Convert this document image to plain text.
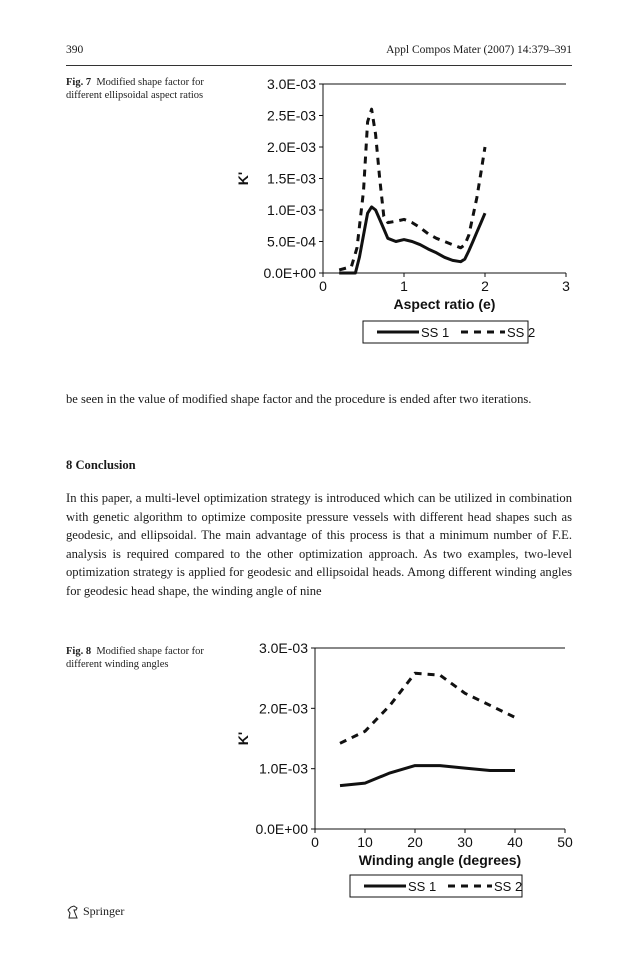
390	Appl Compos Mater (2007) 14:379–391
Fig. 7 Modified shape factor for different ellipsoidal aspect ratios
Fig. 8 Modified shape factor for different winding angles
0.0E+00
5.0E-04
1.0E-03
1.5E-03
2.0E-03
2.5E-03
3.0E-03
0	1	2	3
Aspect ratio (e)
K'
SS 1	SS 2
0.0E+00
1.0E-03
2.0E-03
3.0E-03
0	10 20 30 40 50
Winding angle (degrees)
K'
SS 1	SS 2
be seen in the value of modified shape factor and the procedure is ended after two iterations.
8 Conclusion
In this paper, a multi-level optimization strategy is introduced which can be utilized in combination with genetic algorithm to optimize composite pressure vessels with different head shapes such as geodesic, and ellipsoidal. The main advantage of this process is that a minimum number of F.E. analysis is required compared to the other optimization approach. As two examples, two-level optimization strategy is applied for geodesic and ellipsoidal heads. Among different winding angles for geodesic head shape, the winding angle of nine
Springer
